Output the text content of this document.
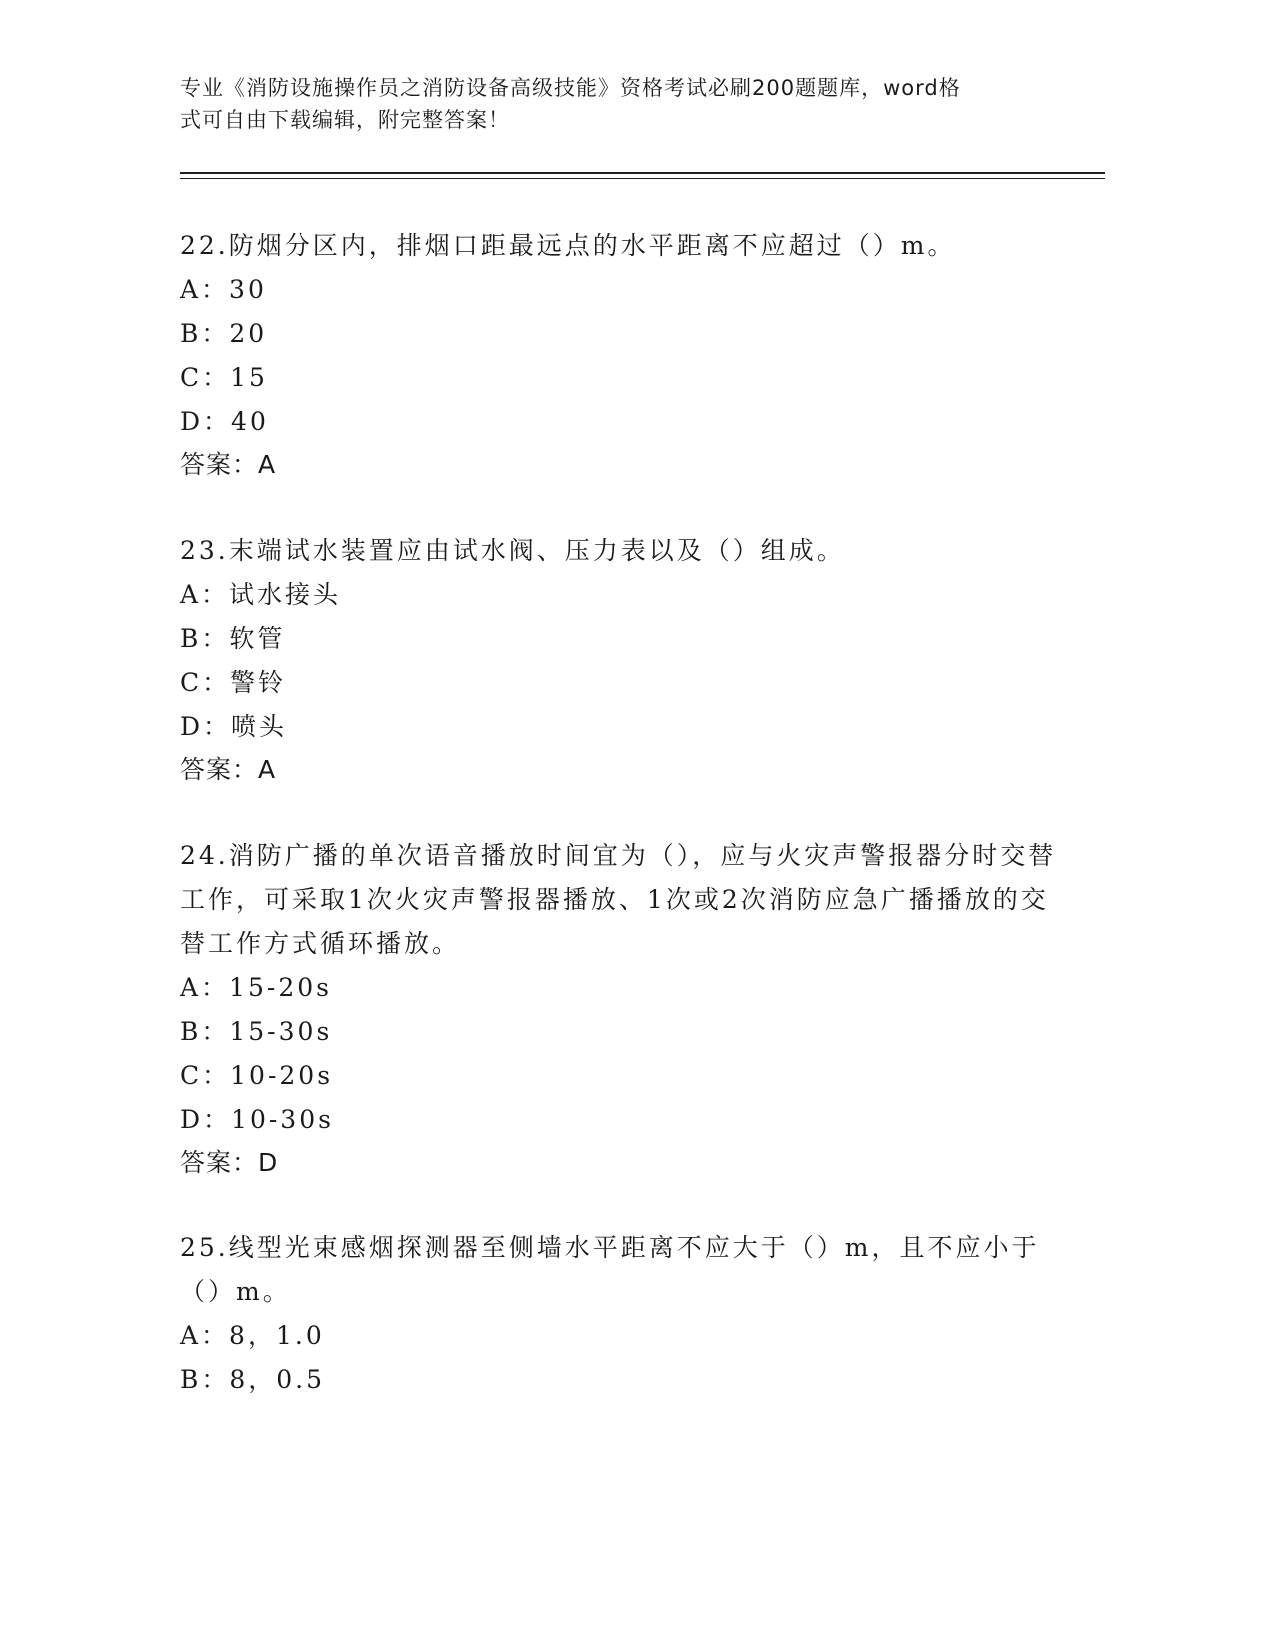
专业《消防设施操作员之消防设备高级技能》资格考试必刷200题题库，word格
式可自由下载编辑，附完整答案！
22.防烟分区内，排烟口距最远点的水平距离不应超过（）m。
A：30
B：20
C：15
D：40
答案：A
23.末端试水装置应由试水阀、压力表以及（）组成。
A：试水接头
B：软管
C：警铃
D：喷头
答案：A
24.消防广播的单次语音播放时间宜为（），应与火灾声警报器分时交替工作，可采取1次火灾声警报器播放、1次或2次消防应急广播播放的交替工作方式循环播放。
A：15-20s
B：15-30s
C：10-20s
D：10-30s
答案：D
25.线型光束感烟探测器至侧墙水平距离不应大于（）m，且不应小于（）m。
A：8，1.0
B：8，0.5
